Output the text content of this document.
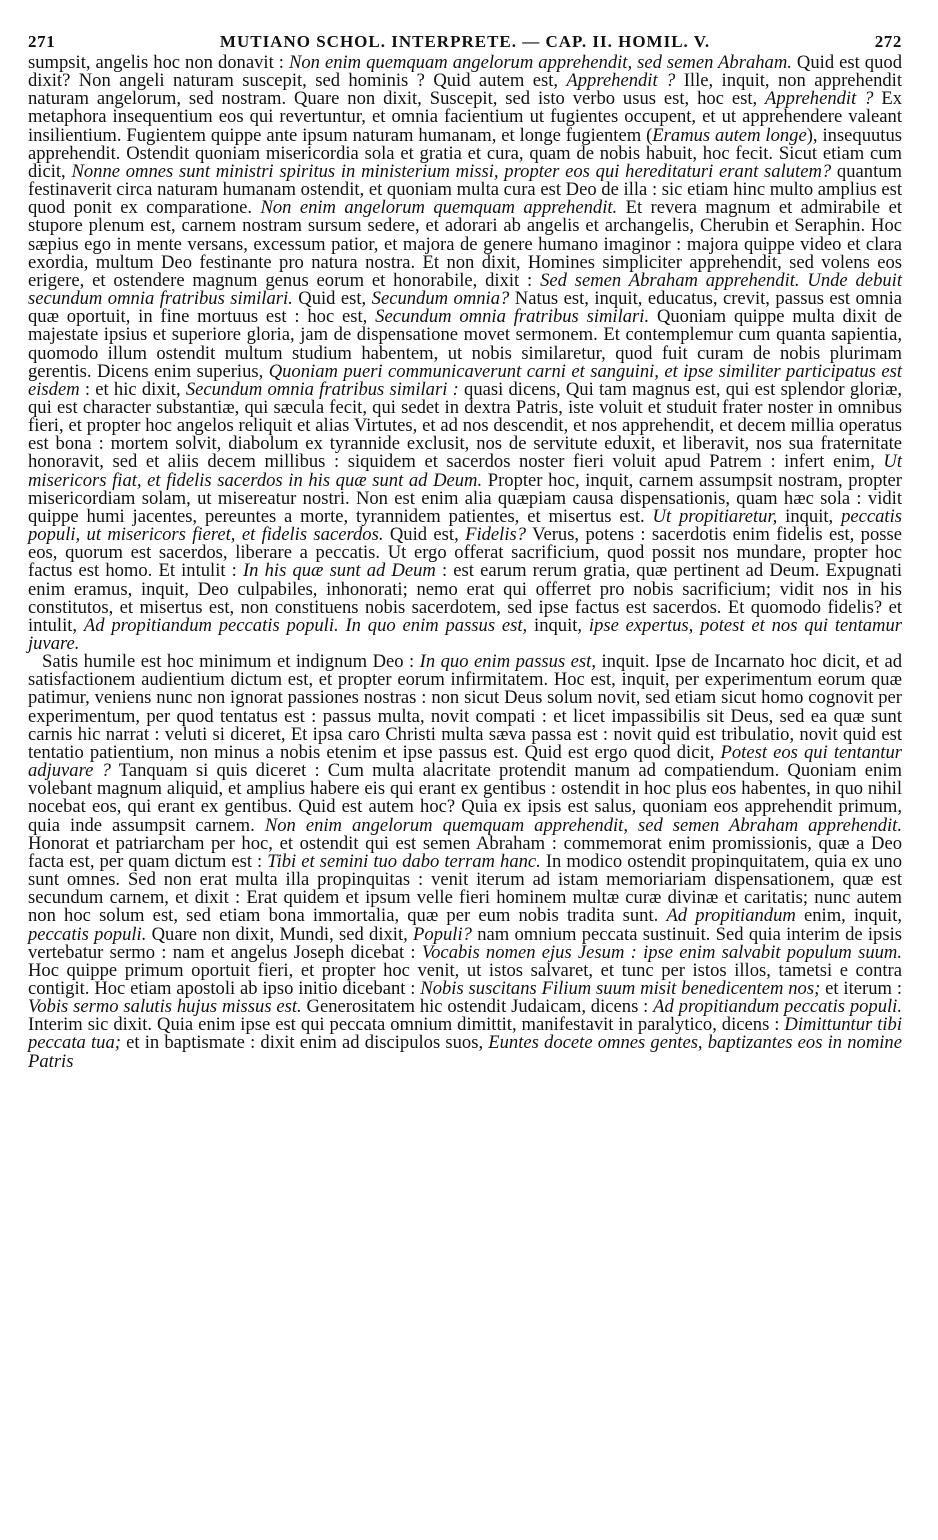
271	MUTIANO SCHOL. INTERPRETE. — CAP. II. HOMIL. V.	272

sumpsit, angelis hoc non donavit : Non enim quemquam angelorum apprehendit, sed semen Abraham. Quid est quod dixit? Non angeli naturam suscepit, sed hominis ? Quid autem est, Apprehendit ? Ille, inquit, non apprehendit naturam angelorum, sed nostram. Quare non dixit, Suscepit, sed isto verbo usus est, hoc est, Apprehendit ? Ex metaphora insequentium eos qui revertuntur, et omnia facientium ut fugientes occupent, et ut apprehendere valeant insilientium. Fugientem quippe ante ipsum naturam humanam, et longe fugientem (Eramus autem longe), insequutus apprehendit. Ostendit quoniam misericordia sola et gratia et cura, quam de nobis habuit, hoc fecit. Sicut etiam cum dicit, Nonne omnes sunt ministri spiritus in ministerium missi, propter eos qui hereditaturi erant salutem? quantum festinaverit circa naturam humanam ostendit, et quoniam multa cura est Deo de illa : sic etiam hinc multo amplius est quod ponit ex comparatione. Non enim angelorum quemquam apprehendit. Et revera magnum et admirabile et stupore plenum est, carnem nostram sursum sedere, et adorari ab angelis et archangelis, Cherubin et Seraphin. Hoc sæpius ego in mente versans, excessum patior, et majora de genere humano imaginor : majora quippe video et clara exordia, multum Deo festinante pro natura nostra. Et non dixit, Homines simpliciter apprehendit, sed volens eos erigere, et ostendere magnum genus eorum et honorabile, dixit : Sed semen Abraham apprehendit. Unde debuit secundum omnia fratribus similari. Quid est, Secundum omnia? Natus est, inquit, educatus, crevit, passus est omnia quæ oportuit, in fine mortuus est : hoc est, Secundum omnia fratribus similari. Quoniam quippe multa dixit de majestate ipsius et superiore gloria, jam de dispensatione movet sermonem. Et contemplemur cum quanta sapientia, quomodo illum ostendit multum studium habentem, ut nobis similaretur, quod fuit curam de nobis plurimam gerentis. Dicens enim superius, Quoniam pueri communicaverunt carni et sanguini, et ipse similiter participatus est eisdem : et hic dixit, Secundum omnia fratribus similari : quasi dicens, Qui tam magnus est, qui est splendor gloriæ, qui est character substantiæ, qui sæcula fecit, qui sedet in dextra Patris, iste voluit et studuit frater noster in omnibus fieri, et propter hoc angelos reliquit et alias Virtutes, et ad nos descendit, et nos apprehendit, et decem millia operatus est bona : mortem solvit, diabolum ex tyrannide exclusit, nos de servitute eduxit, et liberavit, nos sua fraternitate honoravit, sed et aliis decem millibus : siquidem et sacerdos noster fieri voluit apud Patrem : infert enim, Ut misericors fiat, et fidelis sacerdos in his quæ sunt ad Deum. Propter hoc, inquit, carnem assumpsit nostram, propter misericordiam solam, ut misereatur nostri. Non est enim alia quæpiam causa dispensationis, quam hæc sola : vidit quippe humi jacentes, pereuntes a morte, tyrannidem patientes, et misertus est. Ut propitiaretur, inquit, peccatis populi, ut misericors fieret, et fidelis sacerdos. Quid est, Fidelis? Verus, potens : sacerdotis enim fidelis est, posse eos, quorum est sacerdos, liberare a peccatis. Ut ergo offerat sacrificium, quod possit nos mundare, propter hoc factus est homo. Et intulit : In his quæ sunt ad Deum : est earum rerum gratia, quæ pertinent ad Deum. Expugnati enim eramus, inquit, Deo culpabiles, inhonorati; nemo erat qui offerret pro nobis sacrificium; vidit nos in his constitutos, et misertus est, non constituens nobis sacerdotem, sed ipse factus est sacerdos. Et quomodo fidelis? et intulit, Ad propitiandum peccatis populi. In quo enim passus est, inquit, ipse expertus, potest et nos qui tentamur juvare.

Satis humile est hoc minimum et indignum Deo : In quo enim passus est, inquit. Ipse de Incarnato hoc dicit, et ad satisfactionem audientium dictum est, et propter eorum infirmitatem. Hoc est, inquit, per experimentum eorum quæ patimur, veniens nunc non ignorat passiones nostras : non sicut Deus solum novit, sed etiam sicut homo cognovit per experimentum, per quod tentatus est : passus multa, novit compati : et licet impassibilis sit Deus, sed ea quæ sunt carnis hic narrat : veluti si diceret, Et ipsa caro Christi multa sæva passa est : novit quid est tribulatio, novit quid est tentatio patientium, non minus a nobis etenim et ipse passus est. Quid est ergo quod dicit, Potest eos qui tentantur adjuvare ? Tanquam si quis diceret : Cum multa alacritate protendit manum ad compatiendum. Quoniam enim volebant magnum aliquid, et amplius habere eis qui erant ex gentibus : ostendit in hoc plus eos habentes, in quo nihil nocebat eos, qui erant ex gentibus. Quid est autem hoc? Quia ex ipsis est salus, quoniam eos apprehendit primum, quia inde assumpsit carnem. Non enim angelorum quemquam apprehendit, sed semen Abraham apprehendit. Honorat et patriarcham per hoc, et ostendit qui est semen Abraham : commemorat enim promissionis, quæ a Deo facta est, per quam dictum est : Tibi et semini tuo dabo terram hanc. In modico ostendit propinquitatem, quia ex uno sunt omnes. Sed non erat multa illa propinquitas : venit iterum ad istam memoriariam dispensationem, quæ est secundum carnem, et dixit : Erat quidem et ipsum velle fieri hominem multæ curæ divinæ et caritatis; nunc autem non hoc solum est, sed etiam bona immortalia, quæ per eum nobis tradita sunt. Ad propitiandum enim, inquit, peccatis populi. Quare non dixit, Mundi, sed dixit, Populi? nam omnium peccata sustinuit. Sed quia interim de ipsis vertebatur sermo : nam et angelus Joseph dicebat : Vocabis nomen ejus Jesum : ipse enim salvabit populum suum. Hoc quippe primum oportuit fieri, et propter hoc venit, ut istos salvaret, et tunc per istos illos, tametsi e contra contigit. Hoc etiam apostoli ab ipso initio dicebant : Nobis suscitans Filium suum misit benedicentem nos; et iterum : Vobis sermo salutis hujus missus est. Generositatem hic ostendit Judaicam, dicens : Ad propitiandum peccatis populi. Interim sic dixit. Quia enim ipse est qui peccata omnium dimittit, manifestavit in paralytico, dicens : Dimittuntur tibi peccata tua; et in baptismate : dixit enim ad discipulos suos, Euntes docete omnes gentes, baptizantes eos in nomine Patris
